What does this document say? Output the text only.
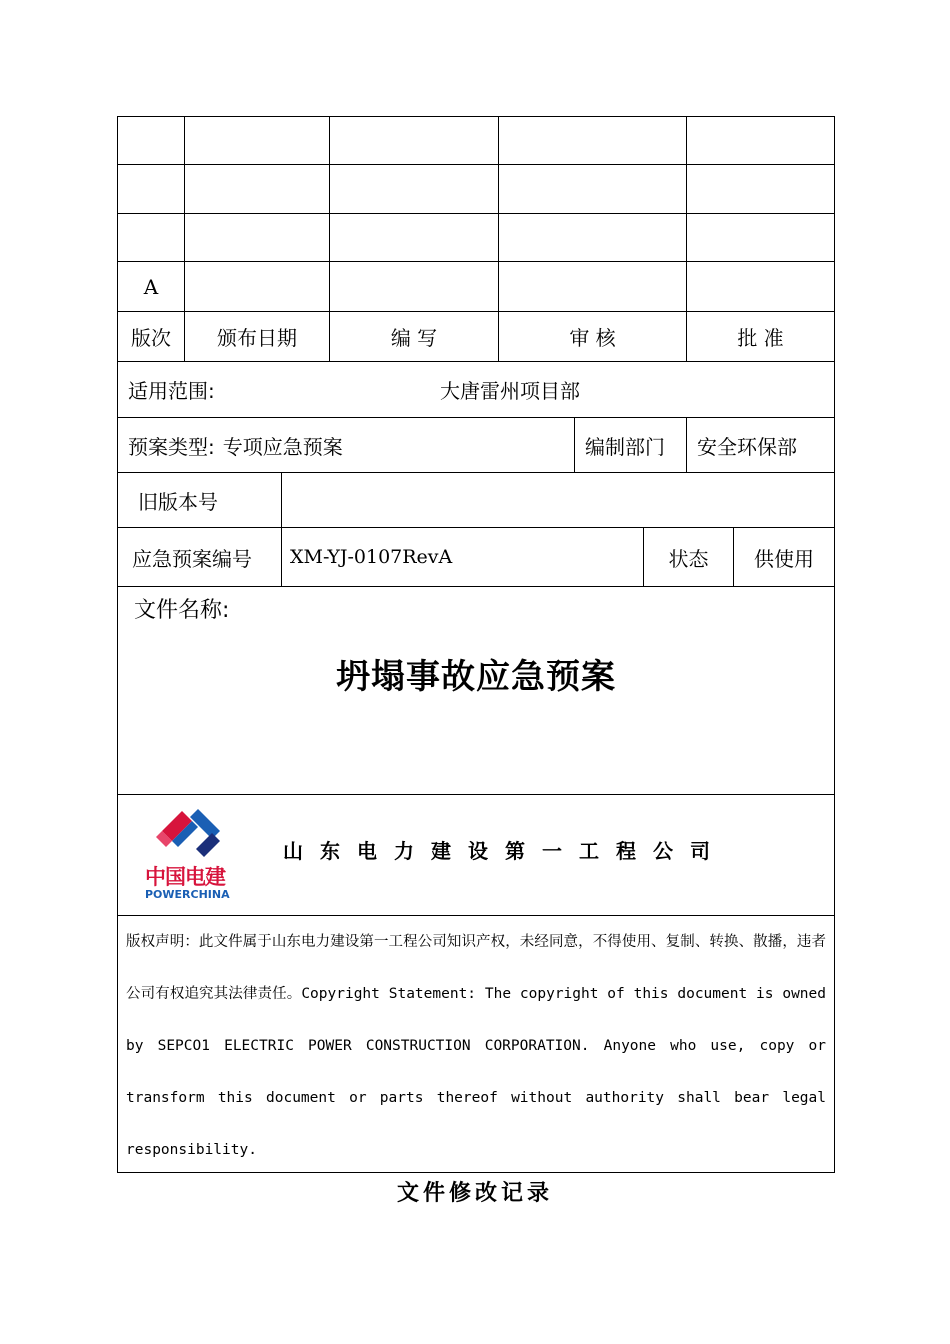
A
版次	颁布日期	编 写	审 核	批 准
适用范围:	大唐雷州项目部
预案类型: 专项应急预案	编制部门	安全环保部
旧版本号
应急预案编号	XM-YJ-0107RevA	状态	供使用
文件名称:
坍塌事故应急预案
中国电建
POWERCHINA
山东电力建设第一工程公司
版权声明：此文件属于山东电力建设第一工程公司知识产权，未经同意，不得使用、复制、转换、散播，违者公司有权追究其法律责任。Copyright Statement: The copyright of this document is owned by SEPCO1 ELECTRIC POWER CONSTRUCTION CORPORATION. Anyone who use, copy or transform this document or parts thereof without authority shall bear legal responsibility.
文件修改记录
